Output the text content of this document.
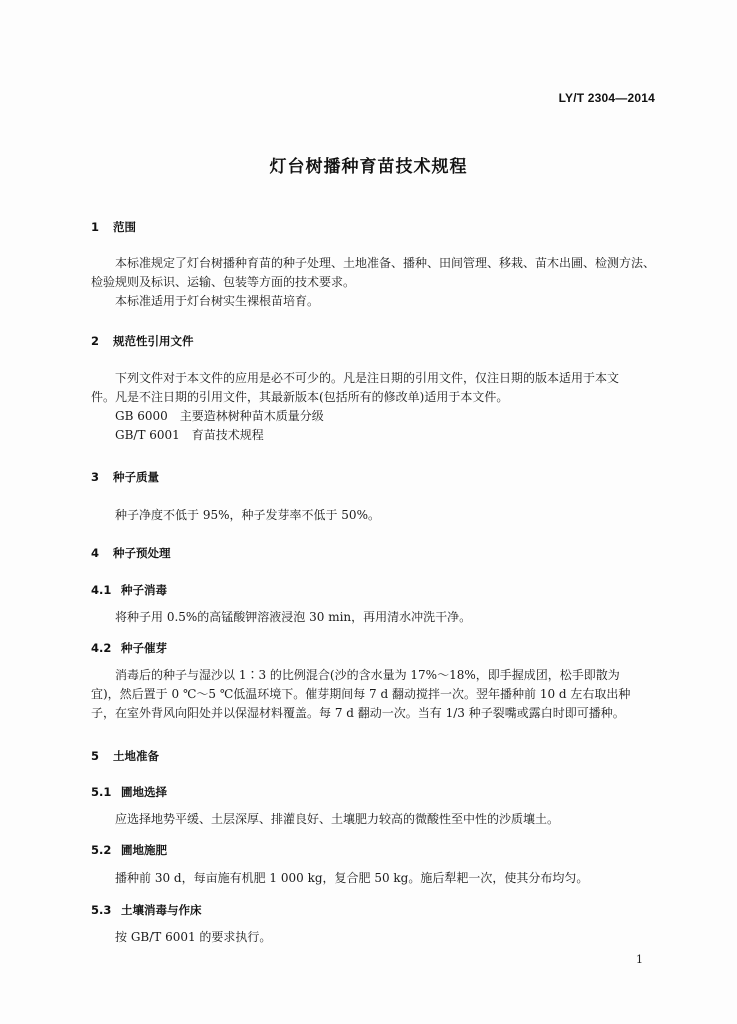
LY/T 2304—2014
灯台树播种育苗技术规程
1 范围
本标准规定了灯台树播种育苗的种子处理、土地准备、播种、田间管理、移栽、苗木出圃、检测方法、
检验规则及标识、运输、包装等方面的技术要求。
本标准适用于灯台树实生裸根苗培育。
2 规范性引用文件
下列文件对于本文件的应用是必不可少的。凡是注日期的引用文件，仅注日期的版本适用于本文
件。凡是不注日期的引用文件，其最新版本(包括所有的修改单)适用于本文件。
GB 6000　主要造林树种苗木质量分级
GB/T 6001　育苗技术规程
3 种子质量
种子净度不低于 95%，种子发芽率不低于 50%。
4 种子预处理
4.1 种子消毒
将种子用 0.5%的高锰酸钾溶液浸泡 30 min，再用清水冲洗干净。
4.2 种子催芽
消毒后的种子与湿沙以 1∶3 的比例混合(沙的含水量为 17%～18%，即手握成团，松手即散为
宜)，然后置于 0 ℃～5 ℃低温环境下。催芽期间每 7 d 翻动搅拌一次。翌年播种前 10 d 左右取出种
子，在室外背风向阳处并以保湿材料覆盖。每 7 d 翻动一次。当有 1/3 种子裂嘴或露白时即可播种。
5 土地准备
5.1 圃地选择
应选择地势平缓、土层深厚、排灌良好、土壤肥力较高的微酸性至中性的沙质壤土。
5.2 圃地施肥
播种前 30 d，每亩施有机肥 1 000 kg，复合肥 50 kg。施后犁耙一次，使其分布均匀。
5.3 土壤消毒与作床
按 GB/T 6001 的要求执行。
1
